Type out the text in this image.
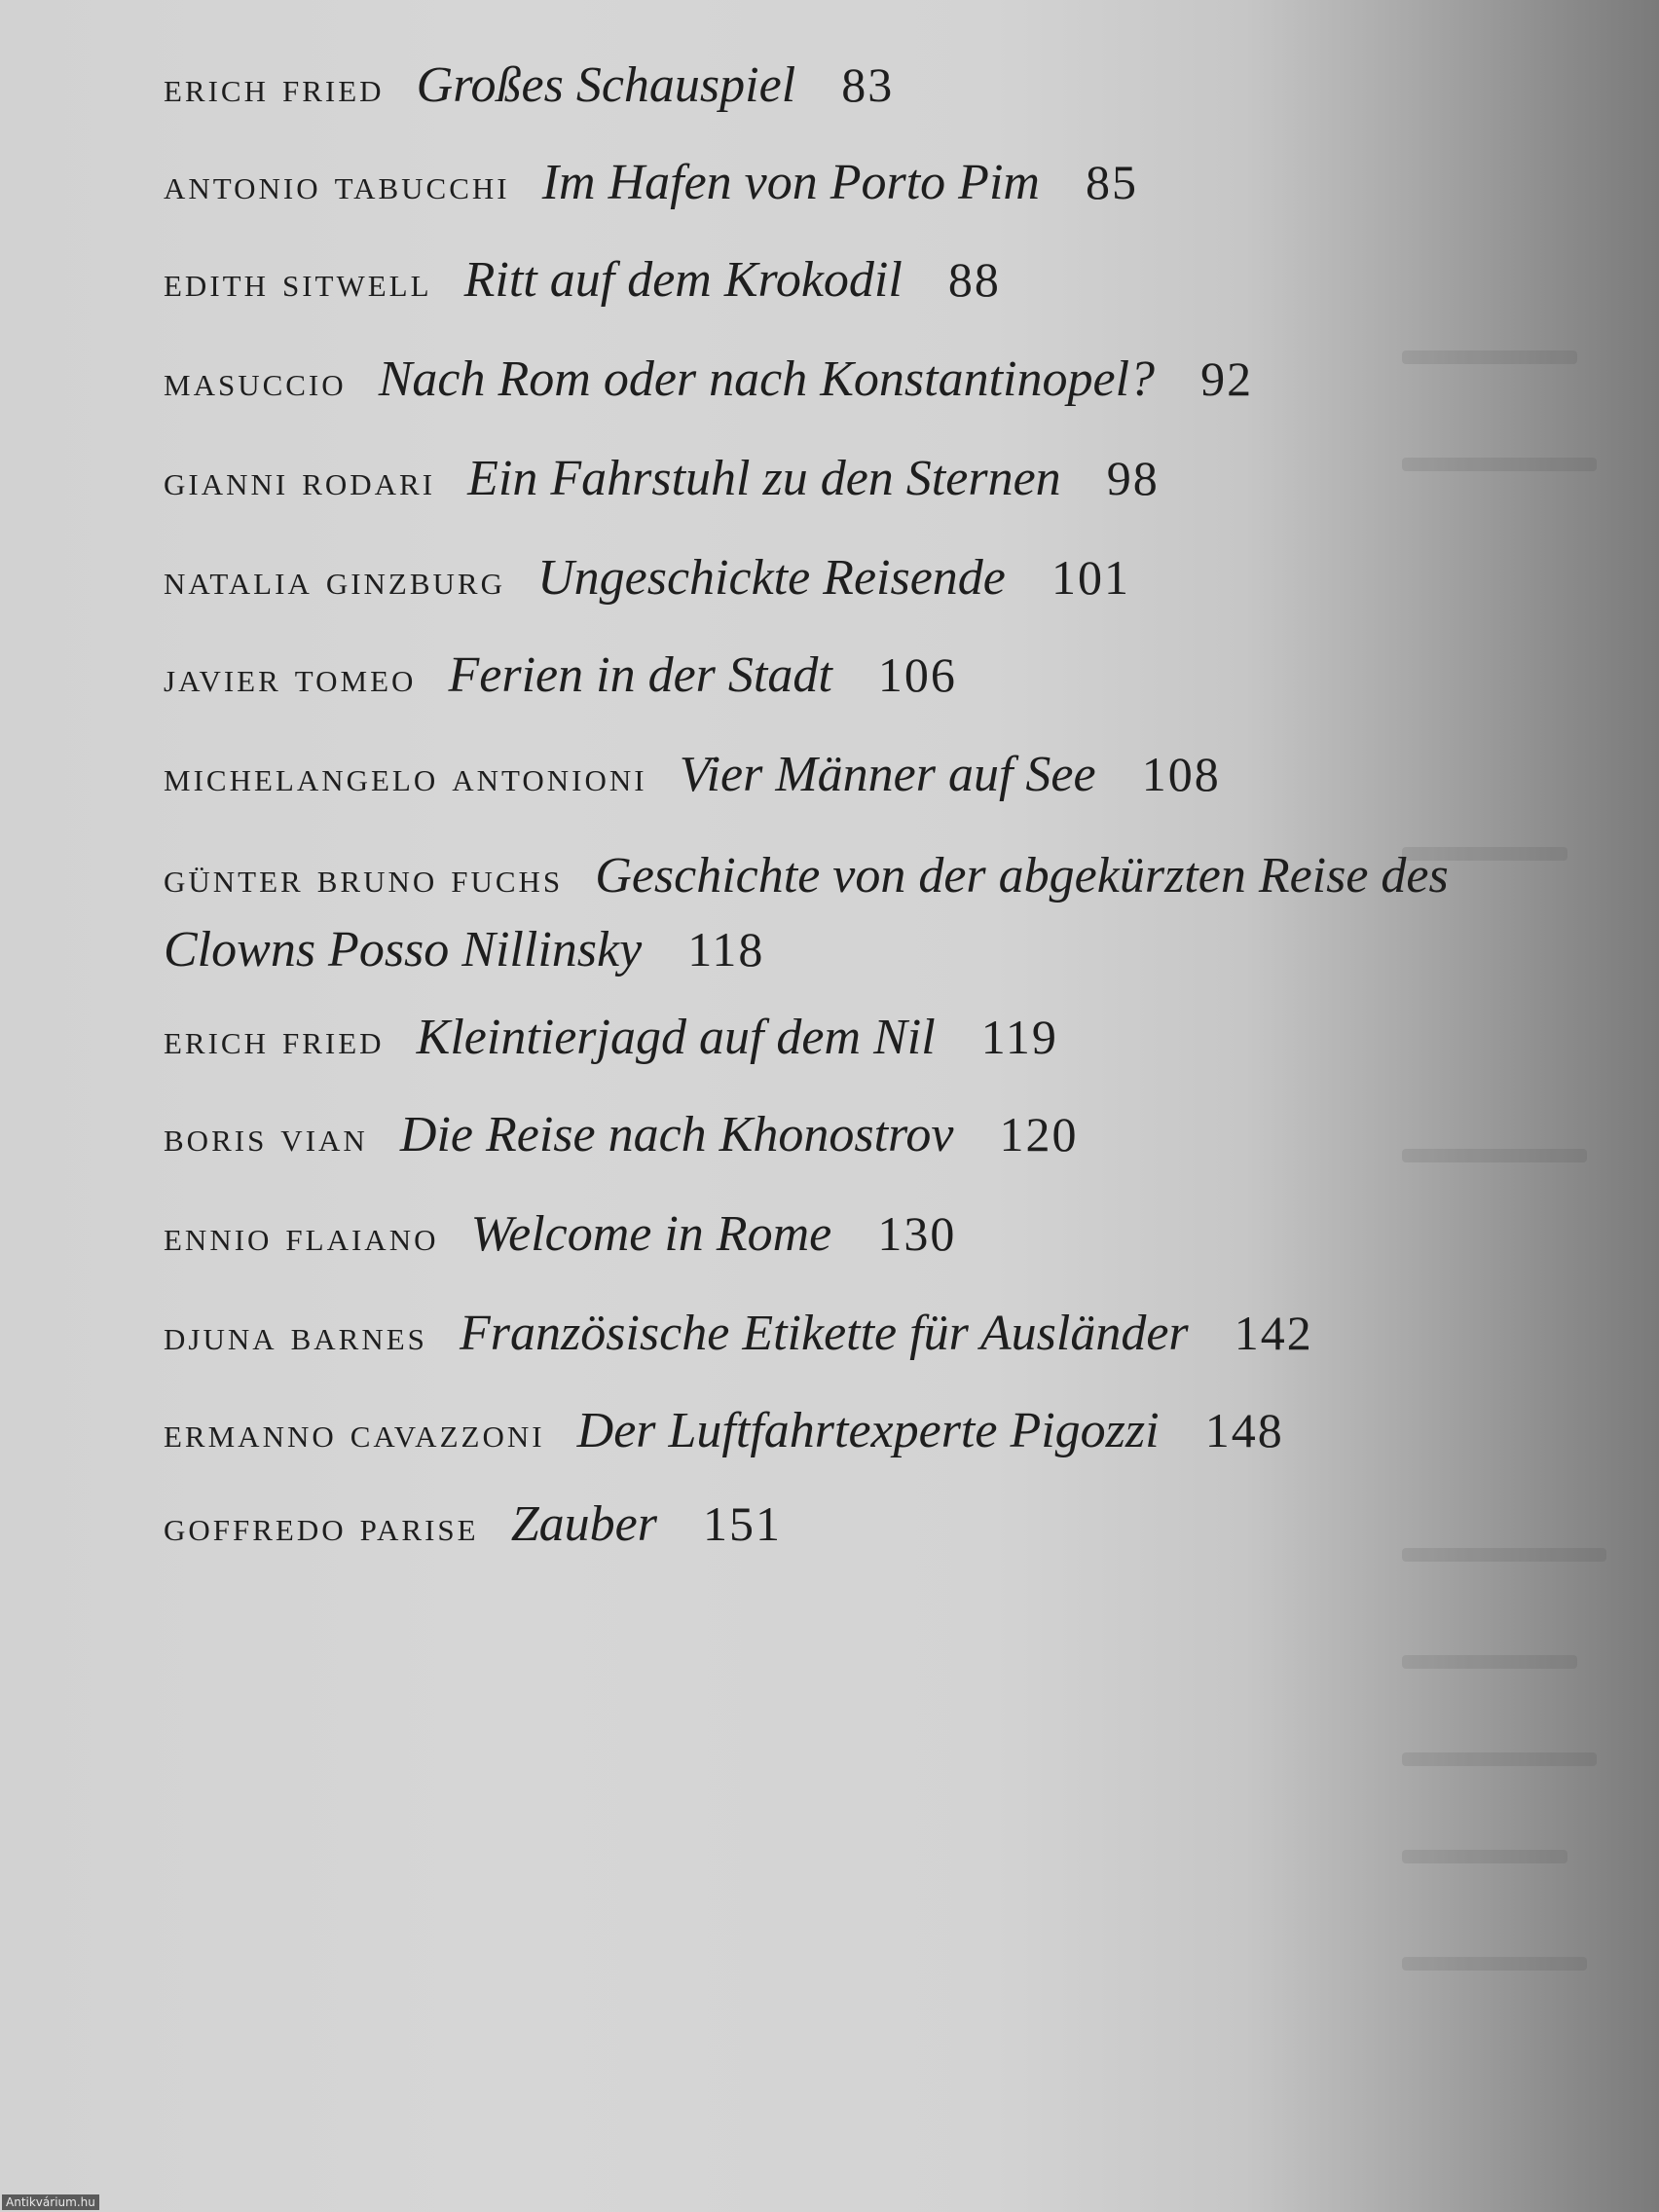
erich fried Großes Schauspiel 83
antonio tabucchi Im Hafen von Porto Pim 85
edith sitwell Ritt auf dem Krokodil 88
masuccio Nach Rom oder nach Konstantinopel? 92
gianni rodari Ein Fahrstuhl zu den Sternen 98
natalia ginzburg Ungeschickte Reisende 101
javier tomeo Ferien in der Stadt 106
michelangelo antonioni Vier Männer auf See 108
günter bruno fuchs Geschichte von der abgekürzten Reise des Clowns Posso Nillinsky 118
erich fried Kleintierjagd auf dem Nil 119
boris vian Die Reise nach Khonostrov 120
ennio flaiano Welcome in Rome 130
djuna barnes Französische Etikette für Ausländer 142
ermanno cavazzoni Der Luftfahrtexperte Pigozzi 148
goffredo parise Zauber 151
Antikvárium.hu
